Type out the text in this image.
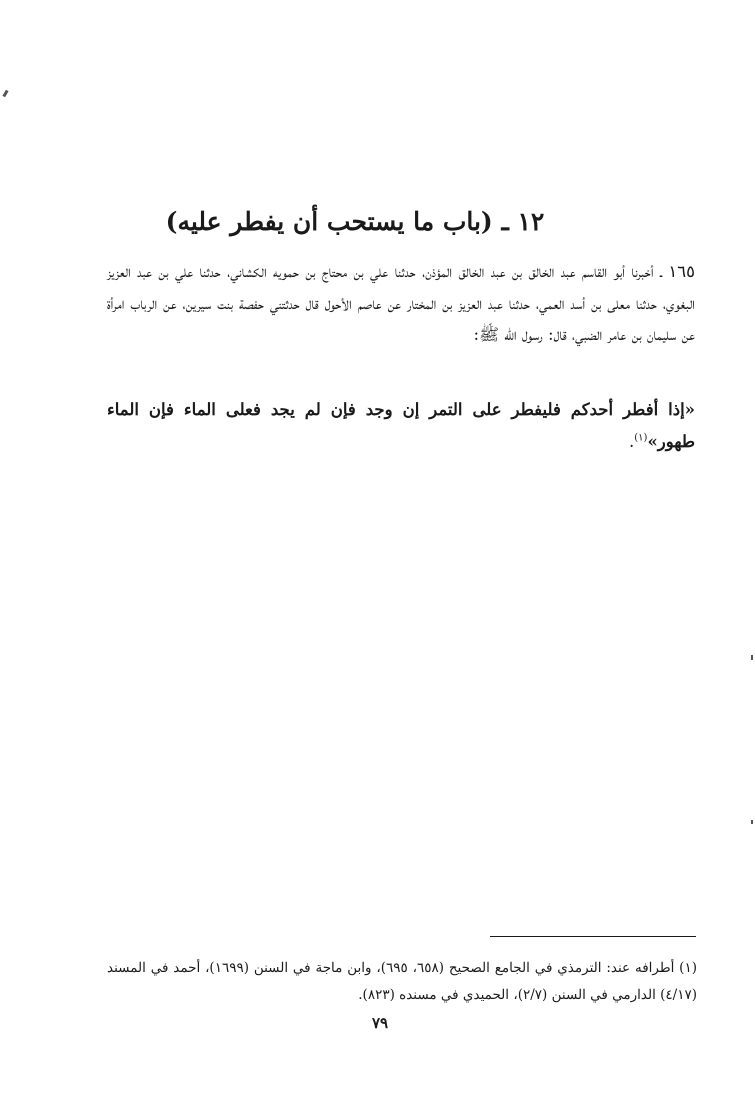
١٢ ـ (باب ما يستحب أن يفطر عليه)

١٦٥ ـ أخبرنا أبو القاسم عبد الخالق بن عبد الخالق المؤذن، حدثنا علي بن محتاج بن حمويه الكشاني، حدثنا علي بن عبد العزيز البغوي، حدثنا معلى بن أسد العمي، حدثنا عبد العزيز بن المختار عن عاصم الأحول قال حدثتني حفصة بنت سيرين، عن الرباب امرأة عن سليمان بن عامر الضبي، قال: رسول الله ﷺ:

«إذا أفطر أحدكم فليفطر على التمر إن وجد فإن لم يجد فعلى الماء فإن الماء طهور»$^{(١)}$.

(١) أطرافه عند: الترمذي في الجامع الصحيح (٦٥٨، ٦٩٥)، وابن ماجة في السنن (١٦٩٩)، أحمد في المسند (٤/١٧) الدارمي في السنن (٢/٧)، الحميدي في مسنده (٨٢٣).

٧٩
